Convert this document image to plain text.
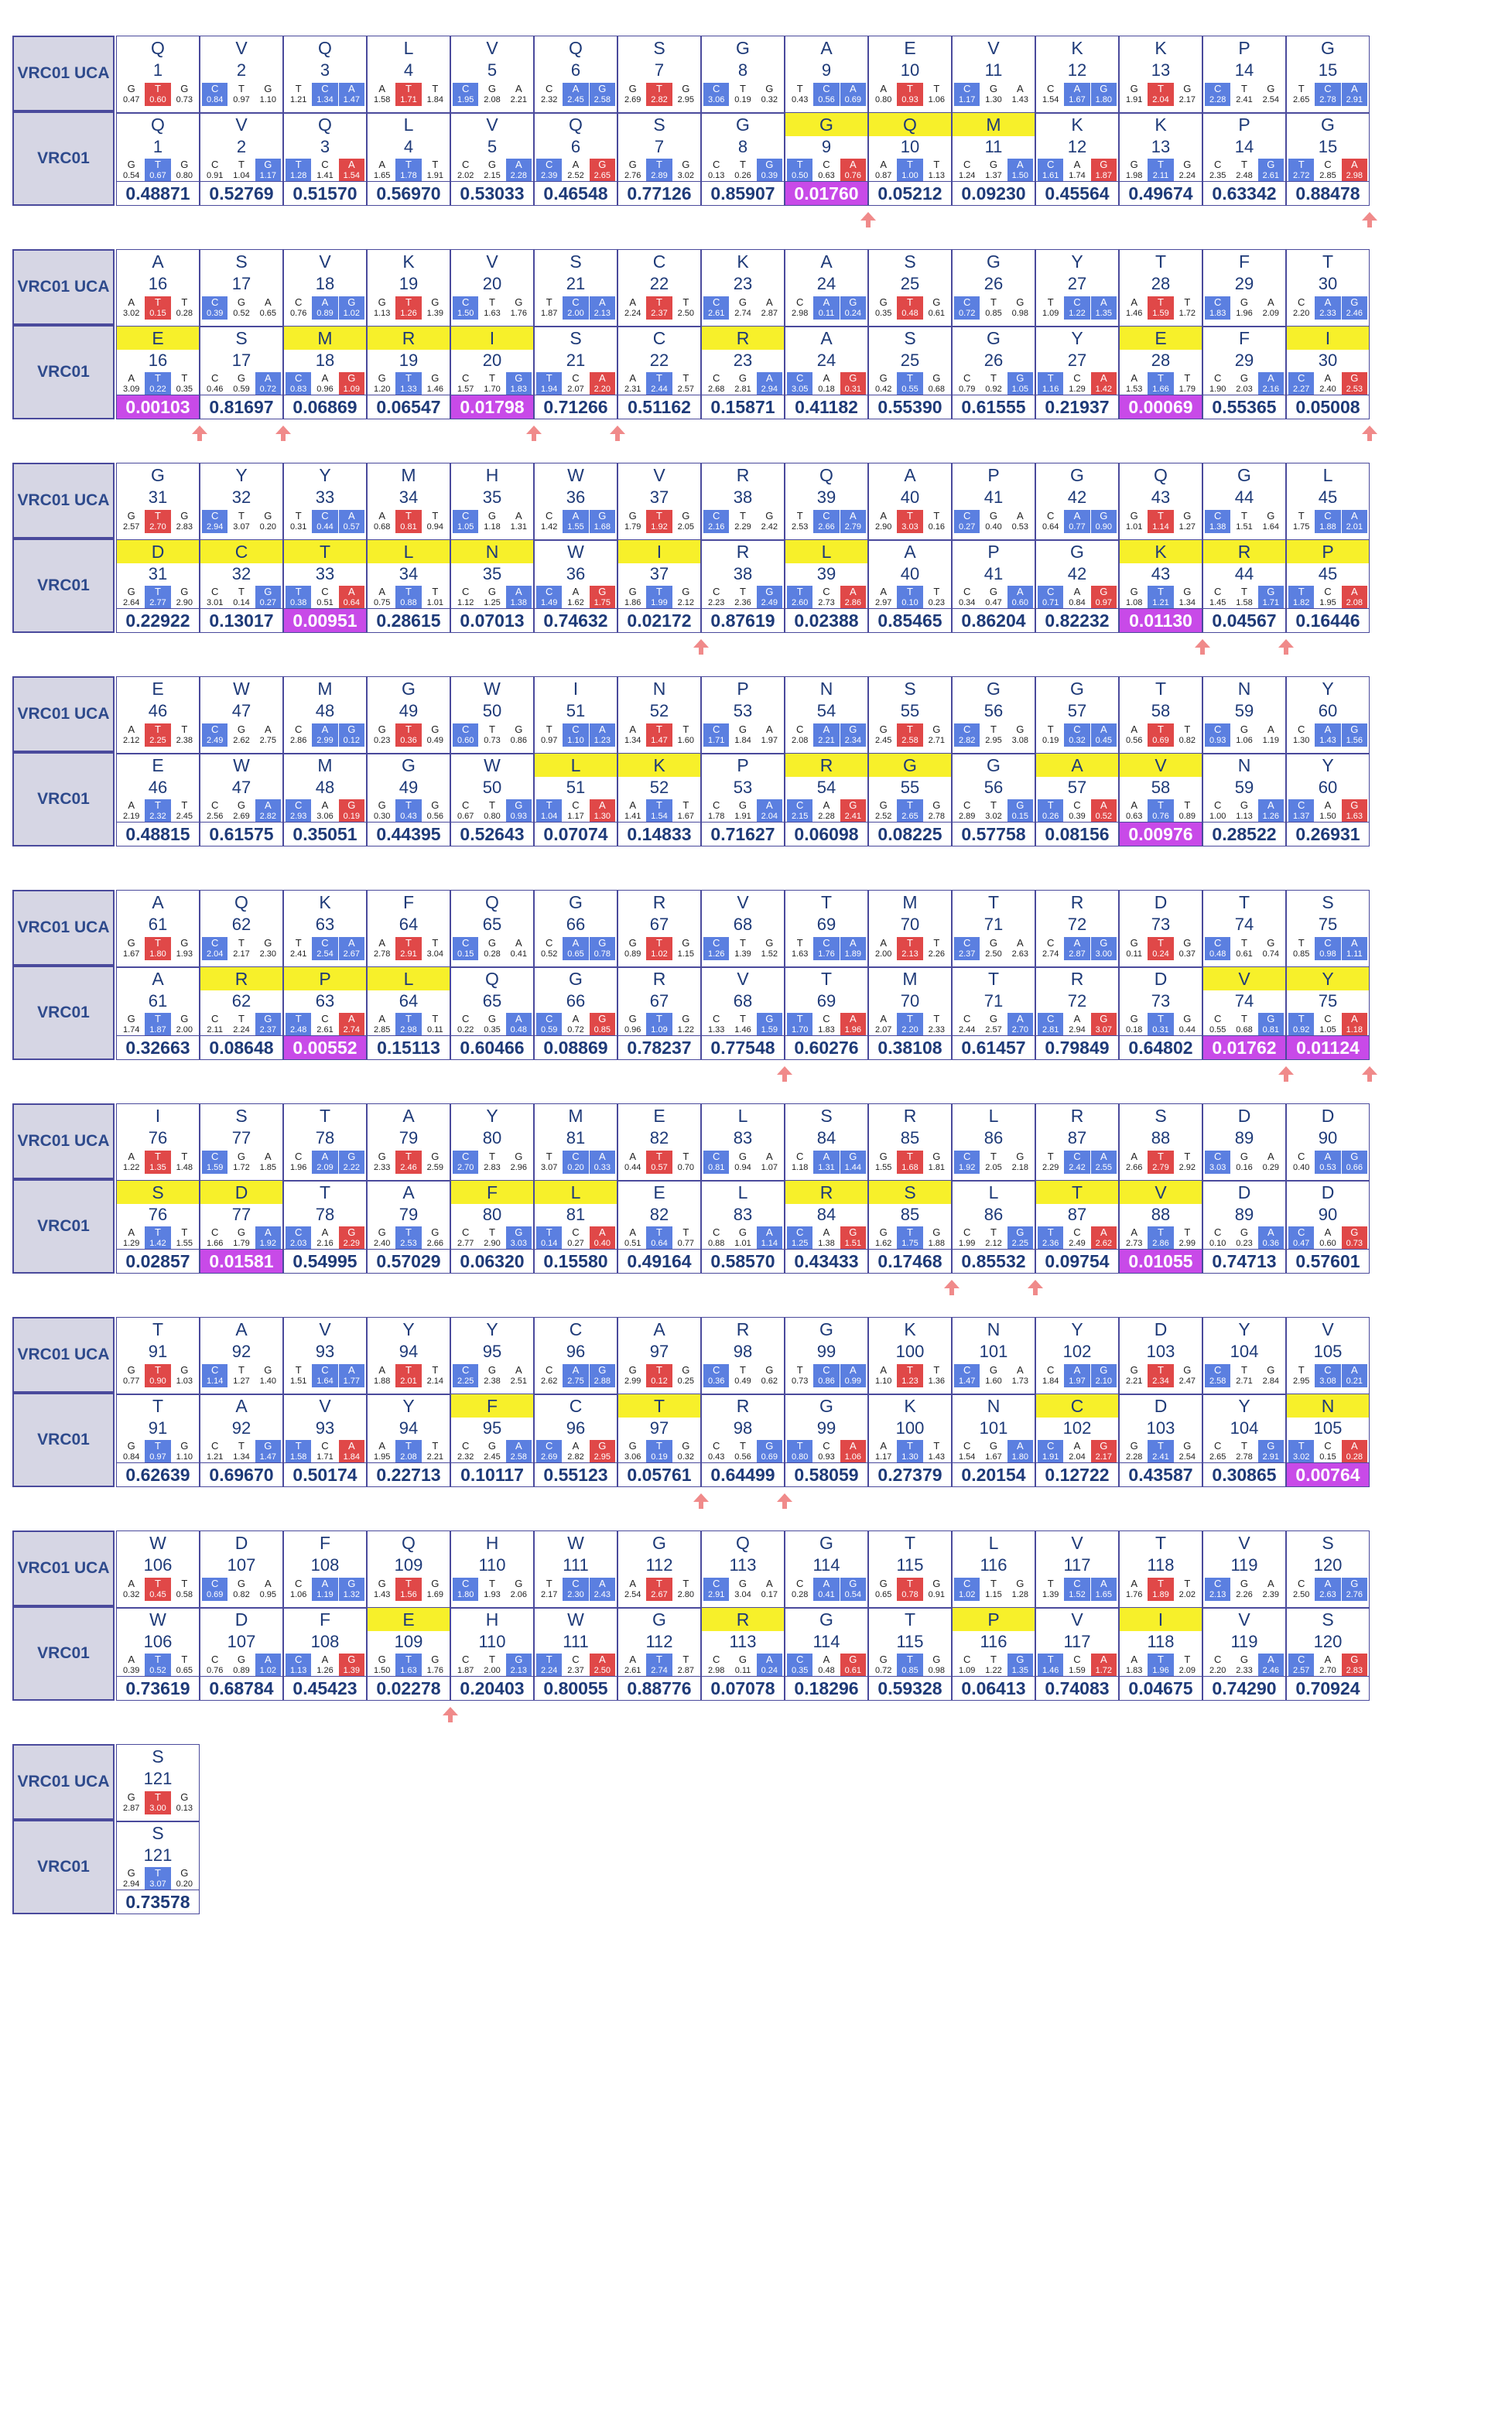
VRC01 UCA
VRC01
Q
1
G
0.47
T
0.60
G
0.73
Q
1
G
0.54
T
0.67
G
0.80
0.48871
V
2
C
0.84
T
0.97
G
1.10
V
2
C
0.91
T
1.04
G
1.17
0.52769
Q
3
T
1.21
C
1.34
A
1.47
Q
3
T
1.28
C
1.41
A
1.54
0.51570
L
4
A
1.58
T
1.71
T
1.84
L
4
A
1.65
T
1.78
T
1.91
0.56970
V
5
C
1.95
G
2.08
A
2.21
V
5
C
2.02
G
2.15
A
2.28
0.53033
Q
6
C
2.32
A
2.45
G
2.58
Q
6
C
2.39
A
2.52
G
2.65
0.46548
S
7
G
2.69
T
2.82
G
2.95
S
7
G
2.76
T
2.89
G
3.02
0.77126
G
8
C
3.06
T
0.19
G
0.32
G
8
C
0.13
T
0.26
G
0.39
0.85907
A
9
T
0.43
C
0.56
A
0.69
G
9
T
0.50
C
0.63
A
0.76
0.01760
E
10
A
0.80
T
0.93
T
1.06
Q
10
A
0.87
T
1.00
T
1.13
0.05212
V
11
C
1.17
G
1.30
A
1.43
M
11
C
1.24
G
1.37
A
1.50
0.09230
K
12
C
1.54
A
1.67
G
1.80
K
12
C
1.61
A
1.74
G
1.87
0.45564
K
13
G
1.91
T
2.04
G
2.17
K
13
G
1.98
T
2.11
G
2.24
0.49674
P
14
C
2.28
T
2.41
G
2.54
P
14
C
2.35
T
2.48
G
2.61
0.63342
G
15
T
2.65
C
2.78
A
2.91
G
15
T
2.72
C
2.85
A
2.98
0.88478
VRC01 UCA
VRC01
A
16
A
3.02
T
0.15
T
0.28
E
16
A
3.09
T
0.22
T
0.35
0.00103
S
17
C
0.39
G
0.52
A
0.65
S
17
C
0.46
G
0.59
A
0.72
0.81697
V
18
C
0.76
A
0.89
G
1.02
M
18
C
0.83
A
0.96
G
1.09
0.06869
K
19
G
1.13
T
1.26
G
1.39
R
19
G
1.20
T
1.33
G
1.46
0.06547
V
20
C
1.50
T
1.63
G
1.76
I
20
C
1.57
T
1.70
G
1.83
0.01798
S
21
T
1.87
C
2.00
A
2.13
S
21
T
1.94
C
2.07
A
2.20
0.71266
C
22
A
2.24
T
2.37
T
2.50
C
22
A
2.31
T
2.44
T
2.57
0.51162
K
23
C
2.61
G
2.74
A
2.87
R
23
C
2.68
G
2.81
A
2.94
0.15871
A
24
C
2.98
A
0.11
G
0.24
A
24
C
3.05
A
0.18
G
0.31
0.41182
S
25
G
0.35
T
0.48
G
0.61
S
25
G
0.42
T
0.55
G
0.68
0.55390
G
26
C
0.72
T
0.85
G
0.98
G
26
C
0.79
T
0.92
G
1.05
0.61555
Y
27
T
1.09
C
1.22
A
1.35
Y
27
T
1.16
C
1.29
A
1.42
0.21937
T
28
A
1.46
T
1.59
T
1.72
E
28
A
1.53
T
1.66
T
1.79
0.00069
F
29
C
1.83
G
1.96
A
2.09
F
29
C
1.90
G
2.03
A
2.16
0.55365
T
30
C
2.20
A
2.33
G
2.46
I
30
C
2.27
A
2.40
G
2.53
0.05008
VRC01 UCA
VRC01
G
31
G
2.57
T
2.70
G
2.83
D
31
G
2.64
T
2.77
G
2.90
0.22922
Y
32
C
2.94
T
3.07
G
0.20
C
32
C
3.01
T
0.14
G
0.27
0.13017
Y
33
T
0.31
C
0.44
A
0.57
T
33
T
0.38
C
0.51
A
0.64
0.00951
M
34
A
0.68
T
0.81
T
0.94
L
34
A
0.75
T
0.88
T
1.01
0.28615
H
35
C
1.05
G
1.18
A
1.31
N
35
C
1.12
G
1.25
A
1.38
0.07013
W
36
C
1.42
A
1.55
G
1.68
W
36
C
1.49
A
1.62
G
1.75
0.74632
V
37
G
1.79
T
1.92
G
2.05
I
37
G
1.86
T
1.99
G
2.12
0.02172
R
38
C
2.16
T
2.29
G
2.42
R
38
C
2.23
T
2.36
G
2.49
0.87619
Q
39
T
2.53
C
2.66
A
2.79
L
39
T
2.60
C
2.73
A
2.86
0.02388
A
40
A
2.90
T
3.03
T
0.16
A
40
A
2.97
T
0.10
T
0.23
0.85465
P
41
C
0.27
G
0.40
A
0.53
P
41
C
0.34
G
0.47
A
0.60
0.86204
G
42
C
0.64
A
0.77
G
0.90
G
42
C
0.71
A
0.84
G
0.97
0.82232
Q
43
G
1.01
T
1.14
G
1.27
K
43
G
1.08
T
1.21
G
1.34
0.01130
G
44
C
1.38
T
1.51
G
1.64
R
44
C
1.45
T
1.58
G
1.71
0.04567
L
45
T
1.75
C
1.88
A
2.01
P
45
T
1.82
C
1.95
A
2.08
0.16446
VRC01 UCA
VRC01
E
46
A
2.12
T
2.25
T
2.38
E
46
A
2.19
T
2.32
T
2.45
0.48815
W
47
C
2.49
G
2.62
A
2.75
W
47
C
2.56
G
2.69
A
2.82
0.61575
M
48
C
2.86
A
2.99
G
0.12
M
48
C
2.93
A
3.06
G
0.19
0.35051
G
49
G
0.23
T
0.36
G
0.49
G
49
G
0.30
T
0.43
G
0.56
0.44395
W
50
C
0.60
T
0.73
G
0.86
W
50
C
0.67
T
0.80
G
0.93
0.52643
I
51
T
0.97
C
1.10
A
1.23
L
51
T
1.04
C
1.17
A
1.30
0.07074
N
52
A
1.34
T
1.47
T
1.60
K
52
A
1.41
T
1.54
T
1.67
0.14833
P
53
C
1.71
G
1.84
A
1.97
P
53
C
1.78
G
1.91
A
2.04
0.71627
N
54
C
2.08
A
2.21
G
2.34
R
54
C
2.15
A
2.28
G
2.41
0.06098
S
55
G
2.45
T
2.58
G
2.71
G
55
G
2.52
T
2.65
G
2.78
0.08225
G
56
C
2.82
T
2.95
G
3.08
G
56
C
2.89
T
3.02
G
0.15
0.57758
G
57
T
0.19
C
0.32
A
0.45
A
57
T
0.26
C
0.39
A
0.52
0.08156
T
58
A
0.56
T
0.69
T
0.82
V
58
A
0.63
T
0.76
T
0.89
0.00976
N
59
C
0.93
G
1.06
A
1.19
N
59
C
1.00
G
1.13
A
1.26
0.28522
Y
60
C
1.30
A
1.43
G
1.56
Y
60
C
1.37
A
1.50
G
1.63
0.26931
VRC01 UCA
VRC01
A
61
G
1.67
T
1.80
G
1.93
A
61
G
1.74
T
1.87
G
2.00
0.32663
Q
62
C
2.04
T
2.17
G
2.30
R
62
C
2.11
T
2.24
G
2.37
0.08648
K
63
T
2.41
C
2.54
A
2.67
P
63
T
2.48
C
2.61
A
2.74
0.00552
F
64
A
2.78
T
2.91
T
3.04
L
64
A
2.85
T
2.98
T
0.11
0.15113
Q
65
C
0.15
G
0.28
A
0.41
Q
65
C
0.22
G
0.35
A
0.48
0.60466
G
66
C
0.52
A
0.65
G
0.78
G
66
C
0.59
A
0.72
G
0.85
0.08869
R
67
G
0.89
T
1.02
G
1.15
R
67
G
0.96
T
1.09
G
1.22
0.78237
V
68
C
1.26
T
1.39
G
1.52
V
68
C
1.33
T
1.46
G
1.59
0.77548
T
69
T
1.63
C
1.76
A
1.89
T
69
T
1.70
C
1.83
A
1.96
0.60276
M
70
A
2.00
T
2.13
T
2.26
M
70
A
2.07
T
2.20
T
2.33
0.38108
T
71
C
2.37
G
2.50
A
2.63
T
71
C
2.44
G
2.57
A
2.70
0.61457
R
72
C
2.74
A
2.87
G
3.00
R
72
C
2.81
A
2.94
G
3.07
0.79849
D
73
G
0.11
T
0.24
G
0.37
D
73
G
0.18
T
0.31
G
0.44
0.64802
T
74
C
0.48
T
0.61
G
0.74
V
74
C
0.55
T
0.68
G
0.81
0.01762
S
75
T
0.85
C
0.98
A
1.11
Y
75
T
0.92
C
1.05
A
1.18
0.01124
VRC01 UCA
VRC01
I
76
A
1.22
T
1.35
T
1.48
S
76
A
1.29
T
1.42
T
1.55
0.02857
S
77
C
1.59
G
1.72
A
1.85
D
77
C
1.66
G
1.79
A
1.92
0.01581
T
78
C
1.96
A
2.09
G
2.22
T
78
C
2.03
A
2.16
G
2.29
0.54995
A
79
G
2.33
T
2.46
G
2.59
A
79
G
2.40
T
2.53
G
2.66
0.57029
Y
80
C
2.70
T
2.83
G
2.96
F
80
C
2.77
T
2.90
G
3.03
0.06320
M
81
T
3.07
C
0.20
A
0.33
L
81
T
0.14
C
0.27
A
0.40
0.15580
E
82
A
0.44
T
0.57
T
0.70
E
82
A
0.51
T
0.64
T
0.77
0.49164
L
83
C
0.81
G
0.94
A
1.07
L
83
C
0.88
G
1.01
A
1.14
0.58570
S
84
C
1.18
A
1.31
G
1.44
R
84
C
1.25
A
1.38
G
1.51
0.43433
R
85
G
1.55
T
1.68
G
1.81
S
85
G
1.62
T
1.75
G
1.88
0.17468
L
86
C
1.92
T
2.05
G
2.18
L
86
C
1.99
T
2.12
G
2.25
0.85532
R
87
T
2.29
C
2.42
A
2.55
T
87
T
2.36
C
2.49
A
2.62
0.09754
S
88
A
2.66
T
2.79
T
2.92
V
88
A
2.73
T
2.86
T
2.99
0.01055
D
89
C
3.03
G
0.16
A
0.29
D
89
C
0.10
G
0.23
A
0.36
0.74713
D
90
C
0.40
A
0.53
G
0.66
D
90
C
0.47
A
0.60
G
0.73
0.57601
VRC01 UCA
VRC01
T
91
G
0.77
T
0.90
G
1.03
T
91
G
0.84
T
0.97
G
1.10
0.62639
A
92
C
1.14
T
1.27
G
1.40
A
92
C
1.21
T
1.34
G
1.47
0.69670
V
93
T
1.51
C
1.64
A
1.77
V
93
T
1.58
C
1.71
A
1.84
0.50174
Y
94
A
1.88
T
2.01
T
2.14
Y
94
A
1.95
T
2.08
T
2.21
0.22713
Y
95
C
2.25
G
2.38
A
2.51
F
95
C
2.32
G
2.45
A
2.58
0.10117
C
96
C
2.62
A
2.75
G
2.88
C
96
C
2.69
A
2.82
G
2.95
0.55123
A
97
G
2.99
T
0.12
G
0.25
T
97
G
3.06
T
0.19
G
0.32
0.05761
R
98
C
0.36
T
0.49
G
0.62
R
98
C
0.43
T
0.56
G
0.69
0.64499
G
99
T
0.73
C
0.86
A
0.99
G
99
T
0.80
C
0.93
A
1.06
0.58059
K
100
A
1.10
T
1.23
T
1.36
K
100
A
1.17
T
1.30
T
1.43
0.27379
N
101
C
1.47
G
1.60
A
1.73
N
101
C
1.54
G
1.67
A
1.80
0.20154
Y
102
C
1.84
A
1.97
G
2.10
C
102
C
1.91
A
2.04
G
2.17
0.12722
D
103
G
2.21
T
2.34
G
2.47
D
103
G
2.28
T
2.41
G
2.54
0.43587
Y
104
C
2.58
T
2.71
G
2.84
Y
104
C
2.65
T
2.78
G
2.91
0.30865
V
105
T
2.95
C
3.08
A
0.21
N
105
T
3.02
C
0.15
A
0.28
0.00764
VRC01 UCA
VRC01
W
106
A
0.32
T
0.45
T
0.58
W
106
A
0.39
T
0.52
T
0.65
0.73619
D
107
C
0.69
G
0.82
A
0.95
D
107
C
0.76
G
0.89
A
1.02
0.68784
F
108
C
1.06
A
1.19
G
1.32
F
108
C
1.13
A
1.26
G
1.39
0.45423
Q
109
G
1.43
T
1.56
G
1.69
E
109
G
1.50
T
1.63
G
1.76
0.02278
H
110
C
1.80
T
1.93
G
2.06
H
110
C
1.87
T
2.00
G
2.13
0.20403
W
111
T
2.17
C
2.30
A
2.43
W
111
T
2.24
C
2.37
A
2.50
0.80055
G
112
A
2.54
T
2.67
T
2.80
G
112
A
2.61
T
2.74
T
2.87
0.88776
Q
113
C
2.91
G
3.04
A
0.17
R
113
C
2.98
G
0.11
A
0.24
0.07078
G
114
C
0.28
A
0.41
G
0.54
G
114
C
0.35
A
0.48
G
0.61
0.18296
T
115
G
0.65
T
0.78
G
0.91
T
115
G
0.72
T
0.85
G
0.98
0.59328
L
116
C
1.02
T
1.15
G
1.28
P
116
C
1.09
T
1.22
G
1.35
0.06413
V
117
T
1.39
C
1.52
A
1.65
V
117
T
1.46
C
1.59
A
1.72
0.74083
T
118
A
1.76
T
1.89
T
2.02
I
118
A
1.83
T
1.96
T
2.09
0.04675
V
119
C
2.13
G
2.26
A
2.39
V
119
C
2.20
G
2.33
A
2.46
0.74290
S
120
C
2.50
A
2.63
G
2.76
S
120
C
2.57
A
2.70
G
2.83
0.70924
VRC01 UCA
VRC01
S
121
G
2.87
T
3.00
G
0.13
S
121
G
2.94
T
3.07
G
0.20
0.73578
